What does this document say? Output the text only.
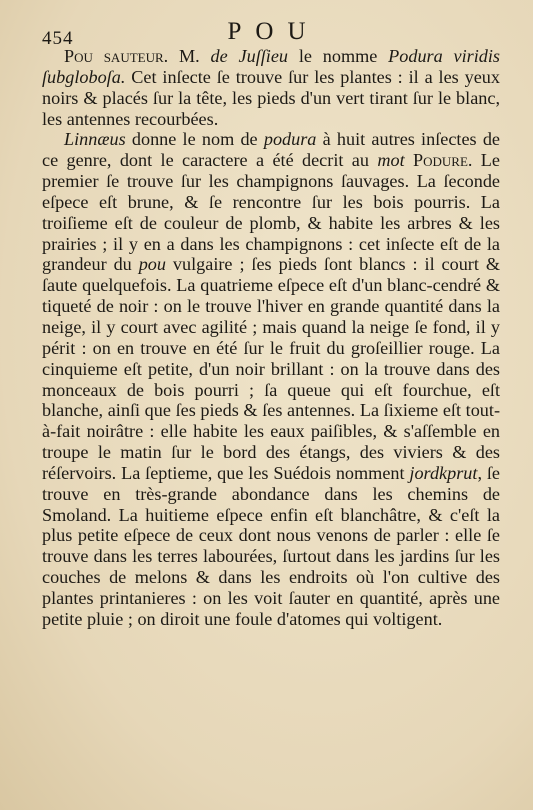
454	POU

Pou sauteur. M. de Juſſieu le nomme Podura viridis ſubgloboſa. Cet inſecte ſe trouve ſur les plantes : il a les yeux noirs & placés ſur la tête, les pieds d'un vert tirant ſur le blanc, les antennes recourbées.

Linnæus donne le nom de podura à huit autres inſectes de ce genre, dont le caractere a été decrit au mot Podure. Le premier ſe trouve ſur les champignons ſauvages. La ſeconde eſpece eſt brune, & ſe rencontre ſur les bois pourris. La troiſieme eſt de couleur de plomb, & habite les arbres & les prairies ; il y en a dans les champignons : cet inſecte eſt de la grandeur du pou vulgaire ; ſes pieds ſont blancs : il court & ſaute quelquefois. La quatrieme eſpece eſt d'un blanc-cendré & tiqueté de noir : on le trouve l'hiver en grande quantité dans la neige, il y court avec agilité ; mais quand la neige ſe fond, il y périt : on en trouve en été ſur le fruit du groſeillier rouge. La cinquieme eſt petite, d'un noir brillant : on la trouve dans des monceaux de bois pourri ; ſa queue qui eſt fourchue, eſt blanche, ainſi que ſes pieds & ſes antennes. La ſixieme eſt tout-à-fait noirâtre : elle habite les eaux paiſibles, & s'aſſemble en troupe le matin ſur le bord des étangs, des viviers & des réſervoirs. La ſeptieme, que les Suédois nomment jordkprut, ſe trouve en très-grande abondance dans les chemins de Smoland. La huitieme eſpece enfin eſt blanchâtre, & c'eſt la plus petite eſpece de ceux dont nous venons de parler : elle ſe trouve dans les terres labourées, ſurtout dans les jardins ſur les couches de melons & dans les endroits où l'on cultive des plantes printanieres : on les voit ſauter en quantité, après une petite pluie ; on diroit une foule d'atomes qui voltigent.
